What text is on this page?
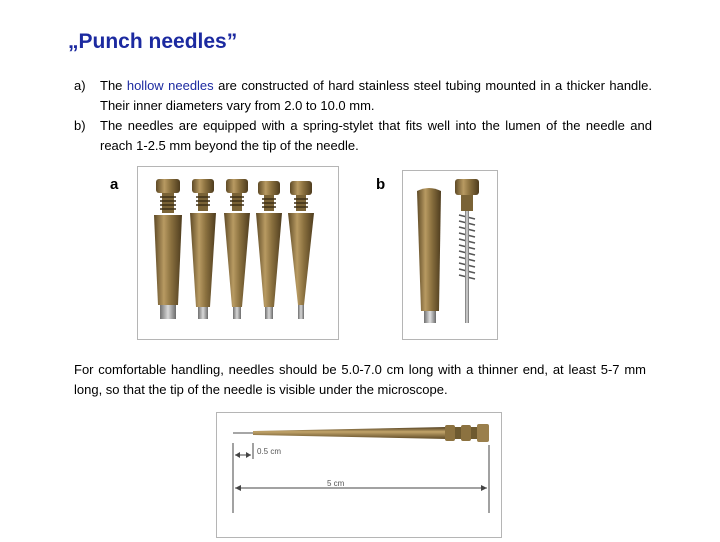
„Punch needles”
a)	The hollow needles are constructed of hard stainless steel tubing mounted in a thicker handle. Their inner diameters vary from 2.0 to 10.0 mm.
b)	The needles are equipped with a spring-stylet that fits well into the lumen of the needle and reach 1-2.5 mm beyond the tip of the needle.
a	b
For comfortable handling, needles should be 5.0-7.0 cm long with a thinner end, at least 5-7 mm long, so that the tip of the needle is visible under the microscope.
0.5 cm
5 cm
